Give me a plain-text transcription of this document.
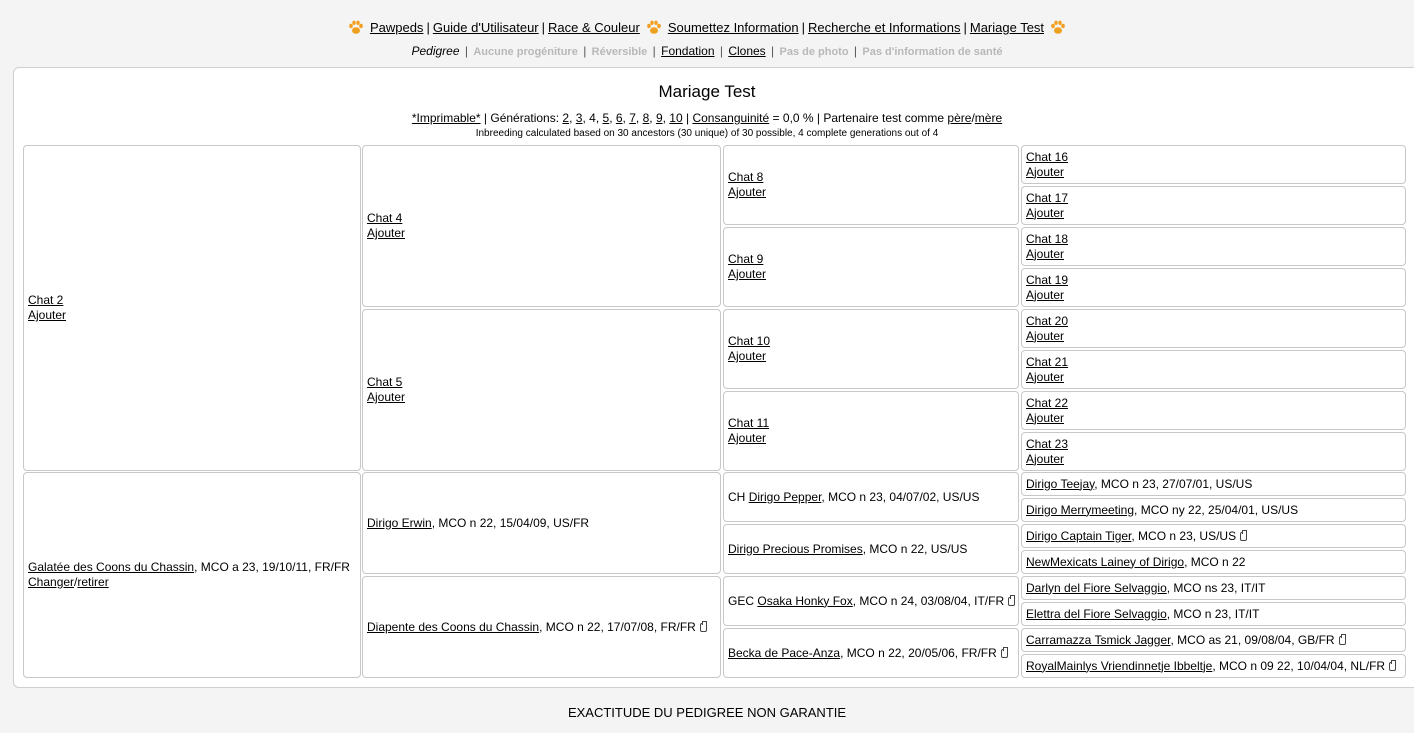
Pawpeds | Guide d'Utilisateur | Race & Couleur Soumettez Information | Recherche et Informations | Mariage Test
Pedigree | Aucune progéniture | Réversible | Fondation | Clones | Pas de photo | Pas d'information de santé
Mariage Test
*Imprimable* | Générations: 2, 3, 4, 5, 6, 7, 8, 9, 10 | Consanguinité = 0,0 % | Partenaire test comme père/mère
Inbreeding calculated based on 30 ancestors (30 unique) of 30 possible, 4 complete generations out of 4
Chat 2
Ajouter
Galatée des Coons du Chassin, MCO a 23, 19/10/11, FR/FR
Changer/retirer
Chat 4
Ajouter
Chat 5
Ajouter
Dirigo Erwin, MCO n 22, 15/04/09, US/FR
Diapente des Coons du Chassin, MCO n 22, 17/07/08, FR/FR
Chat 8
Ajouter
Chat 9
Ajouter
Chat 10
Ajouter
Chat 11
Ajouter
CH Dirigo Pepper, MCO n 23, 04/07/02, US/US
Dirigo Precious Promises, MCO n 22, US/US
GEC Osaka Honky Fox, MCO n 24, 03/08/04, IT/FR
Becka de Pace-Anza, MCO n 22, 20/05/06, FR/FR
Chat 16
Ajouter
Chat 17
Ajouter
Chat 18
Ajouter
Chat 19
Ajouter
Chat 20
Ajouter
Chat 21
Ajouter
Chat 22
Ajouter
Chat 23
Ajouter
Dirigo Teejay, MCO n 23, 27/07/01, US/US
Dirigo Merrymeeting, MCO ny 22, 25/04/01, US/US
Dirigo Captain Tiger, MCO n 23, US/US
NewMexicats Lainey of Dirigo, MCO n 22
Darlyn del Fiore Selvaggio, MCO ns 23, IT/IT
Elettra del Fiore Selvaggio, MCO n 23, IT/IT
Carramazza Tsmick Jagger, MCO as 21, 09/08/04, GB/FR
RoyalMainlys Vriendinnetje Ibbeltje, MCO n 09 22, 10/04/04, NL/FR
EXACTITUDE DU PEDIGREE NON GARANTIE
